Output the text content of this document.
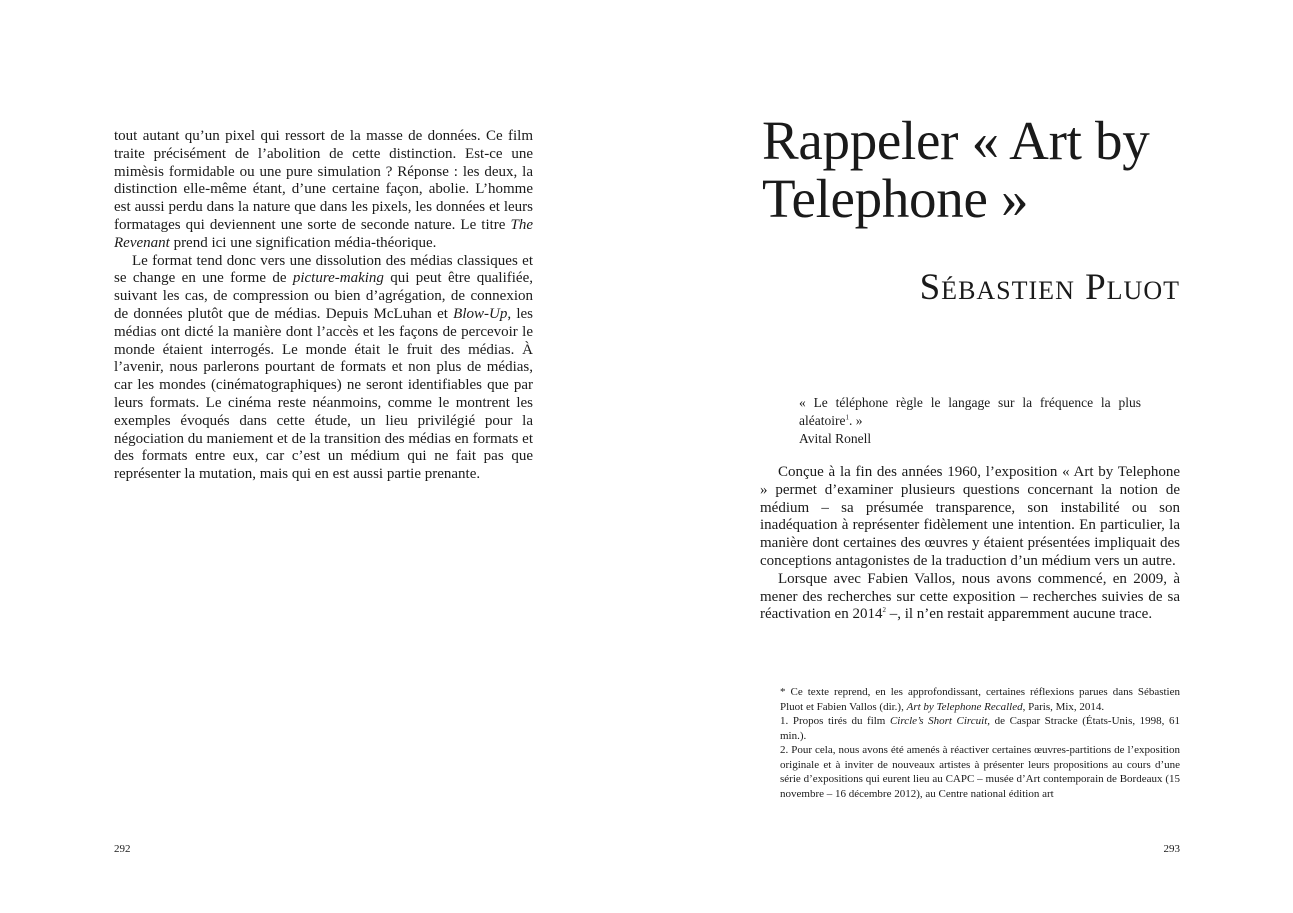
tout autant qu’un pixel qui ressort de la masse de données. Ce film traite précisément de l’abolition de cette distinction. Est-ce une mimèsis formidable ou une pure simulation ? Réponse : les deux, la distinction elle-même étant, d’une certaine façon, abolie. L’homme est aussi perdu dans la nature que dans les pixels, les données et leurs formatages qui deviennent une sorte de seconde nature. Le titre The Revenant prend ici une signification média-théorique.

Le format tend donc vers une dissolution des médias classiques et se change en une forme de picture-making qui peut être qualifiée, suivant les cas, de compression ou bien d’agrégation, de connexion de données plutôt que de médias. Depuis McLuhan et Blow-Up, les médias ont dicté la manière dont l’accès et les façons de percevoir le monde étaient interrogés. Le monde était le fruit des médias. À l’avenir, nous parlerons pourtant de formats et non plus de médias, car les mondes (cinématographiques) ne seront identifiables que par leurs formats. Le cinéma reste néanmoins, comme le montrent les exemples évoqués dans cette étude, un lieu privilégié pour la négociation du maniement et de la transition des médias en formats et des formats entre eux, car c’est un médium qui ne fait pas que représenter la mutation, mais qui en est aussi partie prenante.

292
Rappeler « Art by
Telephone »
Sébastien Pluot

« Le téléphone règle le langage sur la fréquence la plus aléatoire$^1$. »

Avital Ronell

Conçue à la fin des années 1960, l’exposition « Art by Telephone » permet d’examiner plusieurs questions concernant la notion de médium – sa présumée transparence, son instabilité ou son inadéquation à représenter fidèlement une intention. En particulier, la manière dont certaines des œuvres y étaient présentées impliquait des conceptions antagonistes de la traduction d’un médium vers un autre.

Lorsque avec Fabien Vallos, nous avons commencé, en 2009, à mener des recherches sur cette exposition – recherches suivies de sa réactivation en 2014$^2$ –, il n’en restait apparemment aucune trace.

* Ce texte reprend, en les approfondissant, certaines réflexions parues dans Sébastien Pluot et Fabien Vallos (dir.), Art by Telephone Recalled, Paris, Mix, 2014.

1. Propos tirés du film Circle’s Short Circuit, de Caspar Stracke (États-Unis, 1998, 61 min.).

2. Pour cela, nous avons été amenés à réactiver certaines œuvres-partitions de l’exposition originale et à inviter de nouveaux artistes à présenter leurs propositions au cours d’une série d’expositions qui eurent lieu au CAPC – musée d’Art contemporain de Bordeaux (15 novembre – 16 décembre 2012), au Centre national édition art

293
